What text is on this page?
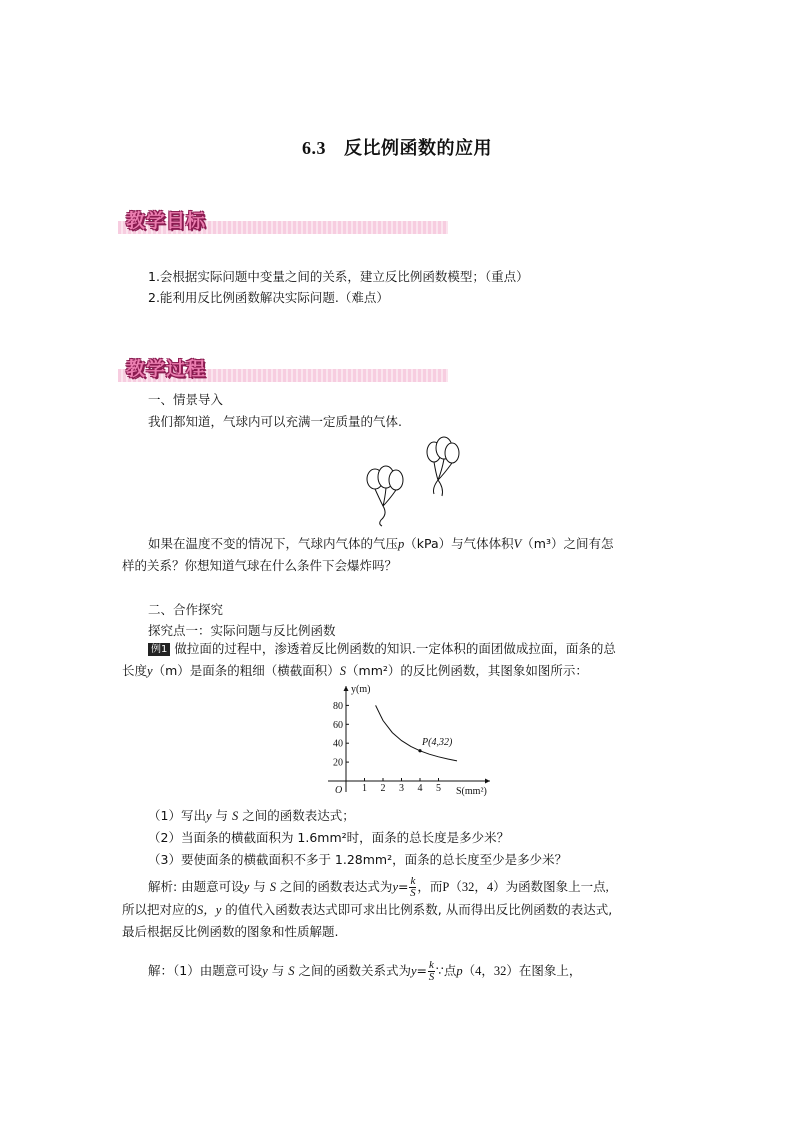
6.3 反比例函数的应用
教学目标
1.会根据实际问题中变量之间的关系，建立反比例函数模型；（重点）
2.能利用反比例函数解决实际问题.（难点）
教学过程
一、情景导入
我们都知道，气球内可以充满一定质量的气体.
如果在温度不变的情况下，气球内气体的气压p（kPa）与气体体积V（m³）之间有怎
样的关系？你想知道气球在什么条件下会爆炸吗？
二、合作探究
探究点一：实际问题与反比例函数
例1 做拉面的过程中，渗透着反比例函数的知识.一定体积的面团做成拉面，面条的总
长度y（m）是面条的粗细（横截面积）S（mm²）的反比例函数，其图象如图所示：
1 2 3 4 5
20
40
60
80
P(4,32)
y(m)
S(mm²)
O
（1）写出y 与 S 之间的函数表达式；
（2）当面条的横截面积为 1.6mm²时，面条的总长度是多少米？
（3）要使面条的横截面积不多于 1.28mm²，面条的总长度至少是多少米？
解析: 由题意可设y 与 S 之间的函数表达式为$y= \frac{k}{S}$ ，而P（32，4）为函数图象上一点,
所以把对应的S，y 的值代入函数表达式即可求出比例系数, 从而得出反比例函数的表达式,
最后根据反比例函数的图象和性质解题.
解：（1）由题意可设y 与 S 之间的函数关系式为$y= \frac{k}{S}$ ∵点p（4，32）在图象上，
